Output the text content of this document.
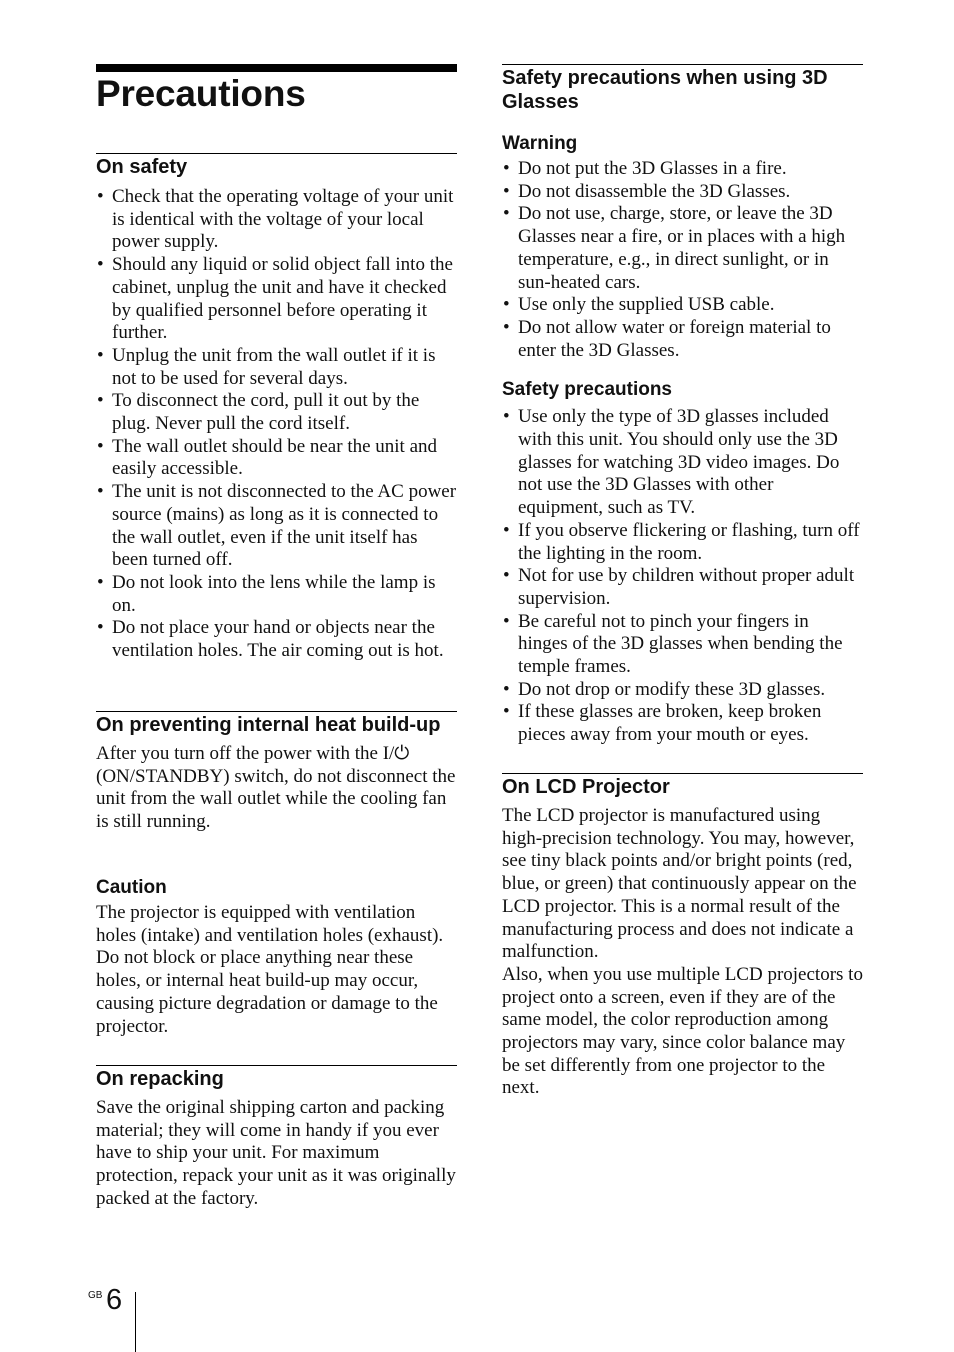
Precautions
On safety
• Check that the operating voltage of your unit is identical with the voltage of your local power supply.
• Should any liquid or solid object fall into the cabinet, unplug the unit and have it checked by qualified personnel before operating it further.
• Unplug the unit from the wall outlet if it is not to be used for several days.
• To disconnect the cord, pull it out by the plug. Never pull the cord itself.
• The wall outlet should be near the unit and easily accessible.
• The unit is not disconnected to the AC power source (mains) as long as it is connected to the wall outlet, even if the unit itself has been turned off.
• Do not look into the lens while the lamp is on.
• Do not place your hand or objects near the ventilation holes. The air coming out is hot.
On preventing internal heat build-up

After you turn off the power with the I/⏻ (ON/STANDBY) switch, do not disconnect the unit from the wall outlet while the cooling fan is still running.

Caution

The projector is equipped with ventilation holes (intake) and ventilation holes (exhaust). Do not block or place anything near these holes, or internal heat build-up may occur, causing picture degradation or damage to the projector.

On repacking

Save the original shipping carton and packing material; they will come in handy if you ever have to ship your unit. For maximum protection, repack your unit as it was originally packed at the factory.

Safety precautions when using 3D Glasses
Warning
• Do not put the 3D Glasses in a fire.
• Do not disassemble the 3D Glasses.
• Do not use, charge, store, or leave the 3D Glasses near a fire, or in places with a high temperature, e.g., in direct sunlight, or in sun-heated cars.
• Use only the supplied USB cable.
• Do not allow water or foreign material to enter the 3D Glasses.
Safety precautions
• Use only the type of 3D glasses included with this unit. You should only use the 3D glasses for watching 3D video images. Do not use the 3D Glasses with other equipment, such as TV.
• If you observe flickering or flashing, turn off the lighting in the room.
• Not for use by children without proper adult supervision.
• Be careful not to pinch your fingers in hinges of the 3D glasses when bending the temple frames.
• Do not drop or modify these 3D glasses.
• If these glasses are broken, keep broken pieces away from your mouth or eyes.
On LCD Projector

The LCD projector is manufactured using high-precision technology. You may, however, see tiny black points and/or bright points (red, blue, or green) that continuously appear on the LCD projector. This is a normal result of the manufacturing process and does not indicate a malfunction.

Also, when you use multiple LCD projectors to project onto a screen, even if they are of the same model, the color reproduction among projectors may vary, since color balance may be set differently from one projector to the next.

GB 6
